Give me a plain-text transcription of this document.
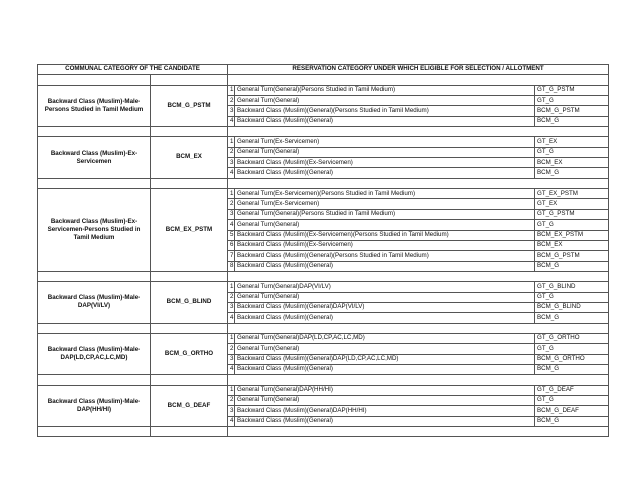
COMMUNAL CATEGORY OF THE CANDIDATE		RESERVATION CATEGORY UNDER WHICH ELIGIBLE FOR SELECTION / ALLOTMENT		

Backward Class (Muslim)-Male-Persons Studied in Tamil Medium	BCM_G_PSTM	1	General Turn(General)(Persons Studied in Tamil Medium)	GT_G_PSTM
		2	General Turn(General)	GT_G
		3	Backward Class (Muslim)(General)(Persons Studied in Tamil Medium)	BCM_G_PSTM
		4	Backward Class (Muslim)(General)	BCM_G

Backward Class (Muslim)-Ex-Servicemen	BCM_EX	1	General Turn(Ex-Servicemen)	GT_EX
		2	General Turn(General)	GT_G
		3	Backward Class (Muslim)(Ex-Servicemen)	BCM_EX
		4	Backward Class (Muslim)(General)	BCM_G

Backward Class (Muslim)-Ex-Servicemen-Persons Studied in Tamil Medium	BCM_EX_PSTM	1	General Turn(Ex-Servicemen)(Persons Studied in Tamil Medium)	GT_EX_PSTM
		2	General Turn(Ex-Servicemen)	GT_EX
		3	General Turn(General)(Persons Studied in Tamil Medium)	GT_G_PSTM
		4	General Turn(General)	GT_G
		5	Backward Class (Muslim)(Ex-Servicemen)(Persons Studied in Tamil Medium)	BCM_EX_PSTM
		6	Backward Class (Muslim)(Ex-Servicemen)	BCM_EX
		7	Backward Class (Muslim)(General)(Persons Studied in Tamil Medium)	BCM_G_PSTM
		8	Backward Class (Muslim)(General)	BCM_G

Backward Class (Muslim)-Male-DAP(VI/LV)	BCM_G_BLIND	1	General Turn(General)DAP(VI/LV)	GT_G_BLIND
		2	General Turn(General)	GT_G
		3	Backward Class (Muslim)(General)DAP(VI/LV)	BCM_G_BLIND
		4	Backward Class (Muslim)(General)	BCM_G

Backward Class (Muslim)-Male-DAP(LD,CP,AC,LC,MD)	BCM_G_ORTHO	1	General Turn(General)DAP(LD,CP,AC,LC,MD)	GT_G_ORTHO
		2	General Turn(General)	GT_G
		3	Backward Class (Muslim)(General)DAP(LD,CP,AC,LC,MD)	BCM_G_ORTHO
		4	Backward Class (Muslim)(General)	BCM_G

Backward Class (Muslim)-Male-DAP(HH/HI)	BCM_G_DEAF	1	General Turn(General)DAP(HH/HI)	GT_G_DEAF
		2	General Turn(General)	GT_G
		3	Backward Class (Muslim)(General)DAP(HH/HI)	BCM_G_DEAF
		4	Backward Class (Muslim)(General)	BCM_G
